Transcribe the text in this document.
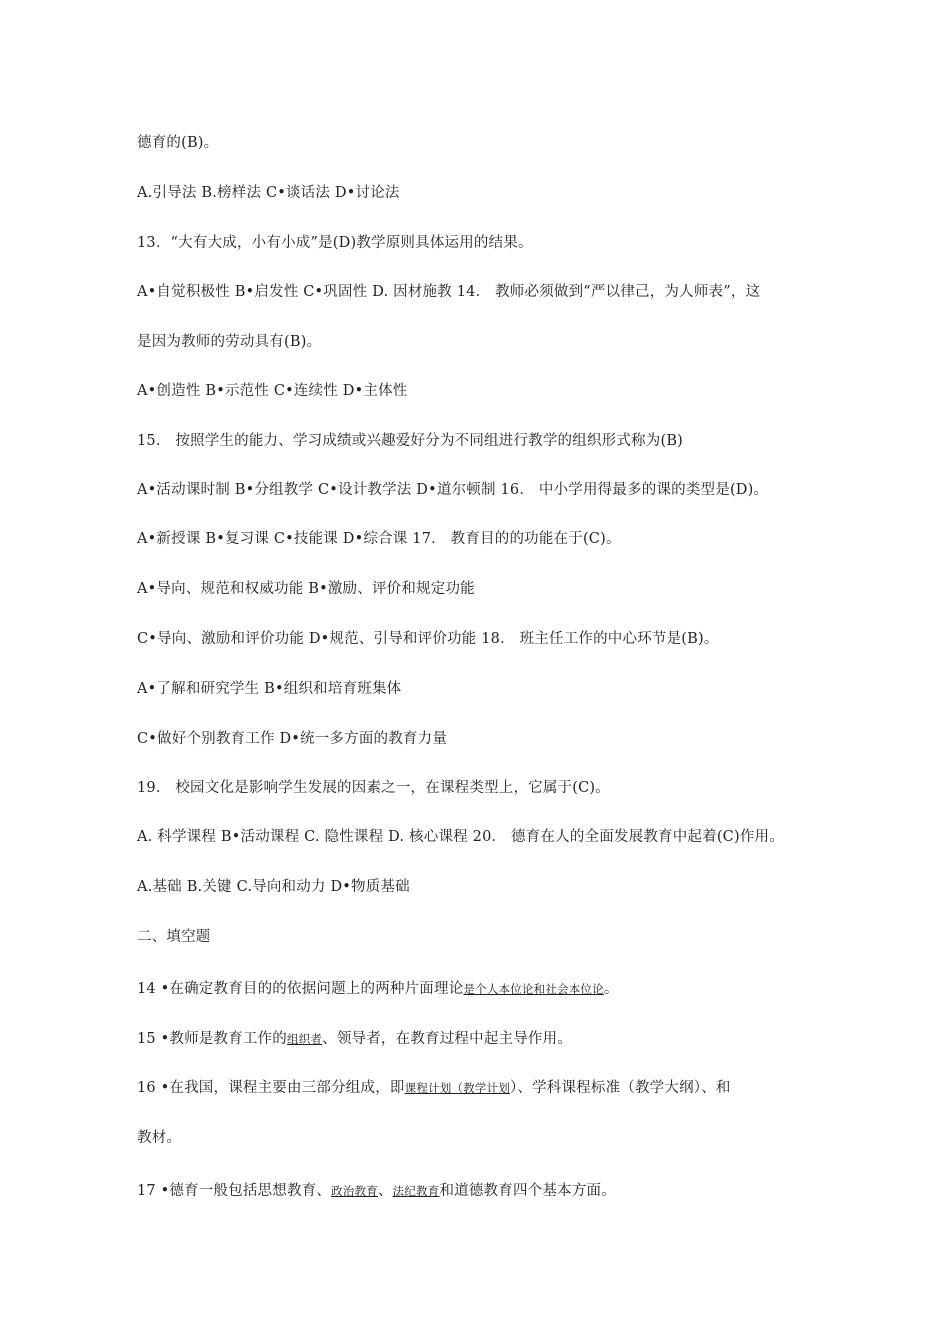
德育的(B)。
A.引导法 B.榜样法 C•谈话法 D•讨论法
13．“大有大成，小有小成”是(D)教学原则具体运用的结果。
A•自觉积极性 B•启发性 C•巩固性 D. 因材施教 14． 教师必须做到“严以律己，为人师表”，这
是因为教师的劳动具有(B)。
A•创造性 B•示范性 C•连续性 D•主体性
15． 按照学生的能力、学习成绩或兴趣爱好分为不同组进行教学的组织形式称为(B)
A•活动课时制 B•分组教学 C•设计教学法 D•道尔顿制 16． 中小学用得最多的课的类型是(D)。
A•新授课 B•复习课 C•技能课 D•综合课 17． 教育目的的功能在于(C)。
A•导向、规范和权威功能 B•激励、评价和规定功能
C•导向、激励和评价功能 D•规范、引导和评价功能 18． 班主任工作的中心环节是(B)。
A•了解和研究学生 B•组织和培育班集体
C•做好个别教育工作 D•统一多方面的教育力量
19． 校园文化是影响学生发展的因素之一，在课程类型上，它属于(C)。
A. 科学课程 B•活动课程 C. 隐性课程 D. 核心课程 20． 德育在人的全面发展教育中起着(C)作用。
A.基础 B.关键 C.导向和动力 D•物质基础
二、填空题
14 •在确定教育目的的依据问题上的两种片面理论是个人本位论和社会本位论。
15 •教师是教育工作的组织者、领导者，在教育过程中起主导作用。
16 •在我国，课程主要由三部分组成，即课程计划（教学计划）、学科课程标准（教学大纲）、和
教材。
17 •德育一般包括思想教育、政治教育、法纪教育和道德教育四个基本方面。
